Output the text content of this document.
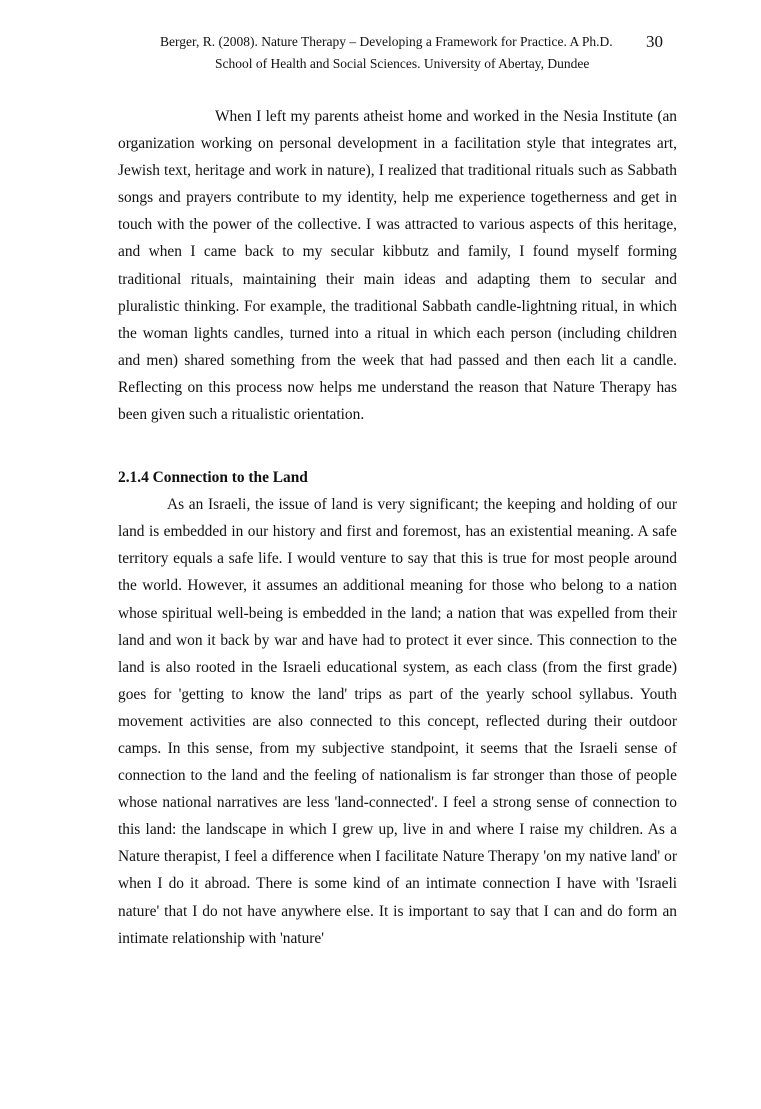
Berger, R. (2008). Nature Therapy – Developing a Framework for Practice. A Ph.D. 30
School of Health and Social Sciences. University of Abertay, Dundee

When I left my parents atheist home and worked in the Nesia Institute (an organization working on personal development in a facilitation style that integrates art, Jewish text, heritage and work in nature), I realized that traditional rituals such as Sabbath songs and prayers contribute to my identity, help me experience togetherness and get in touch with the power of the collective. I was attracted to various aspects of this heritage, and when I came back to my secular kibbutz and family, I found myself forming traditional rituals, maintaining their main ideas and adapting them to secular and pluralistic thinking. For example, the traditional Sabbath candle-lightning ritual, in which the woman lights candles, turned into a ritual in which each person (including children and men) shared something from the week that had passed and then each lit a candle. Reflecting on this process now helps me understand the reason that Nature Therapy has been given such a ritualistic orientation.

2.1.4 Connection to the Land

As an Israeli, the issue of land is very significant; the keeping and holding of our land is embedded in our history and first and foremost, has an existential meaning. A safe territory equals a safe life. I would venture to say that this is true for most people around the world. However, it assumes an additional meaning for those who belong to a nation whose spiritual well-being is embedded in the land; a nation that was expelled from their land and won it back by war and have had to protect it ever since. This connection to the land is also rooted in the Israeli educational system, as each class (from the first grade) goes for 'getting to know the land' trips as part of the yearly school syllabus. Youth movement activities are also connected to this concept, reflected during their outdoor camps. In this sense, from my subjective standpoint, it seems that the Israeli sense of connection to the land and the feeling of nationalism is far stronger than those of people whose national narratives are less 'land-connected'. I feel a strong sense of connection to this land: the landscape in which I grew up, live in and where I raise my children. As a Nature therapist, I feel a difference when I facilitate Nature Therapy 'on my native land' or when I do it abroad. There is some kind of an intimate connection I have with 'Israeli nature' that I do not have anywhere else. It is important to say that I can and do form an intimate relationship with 'nature'
